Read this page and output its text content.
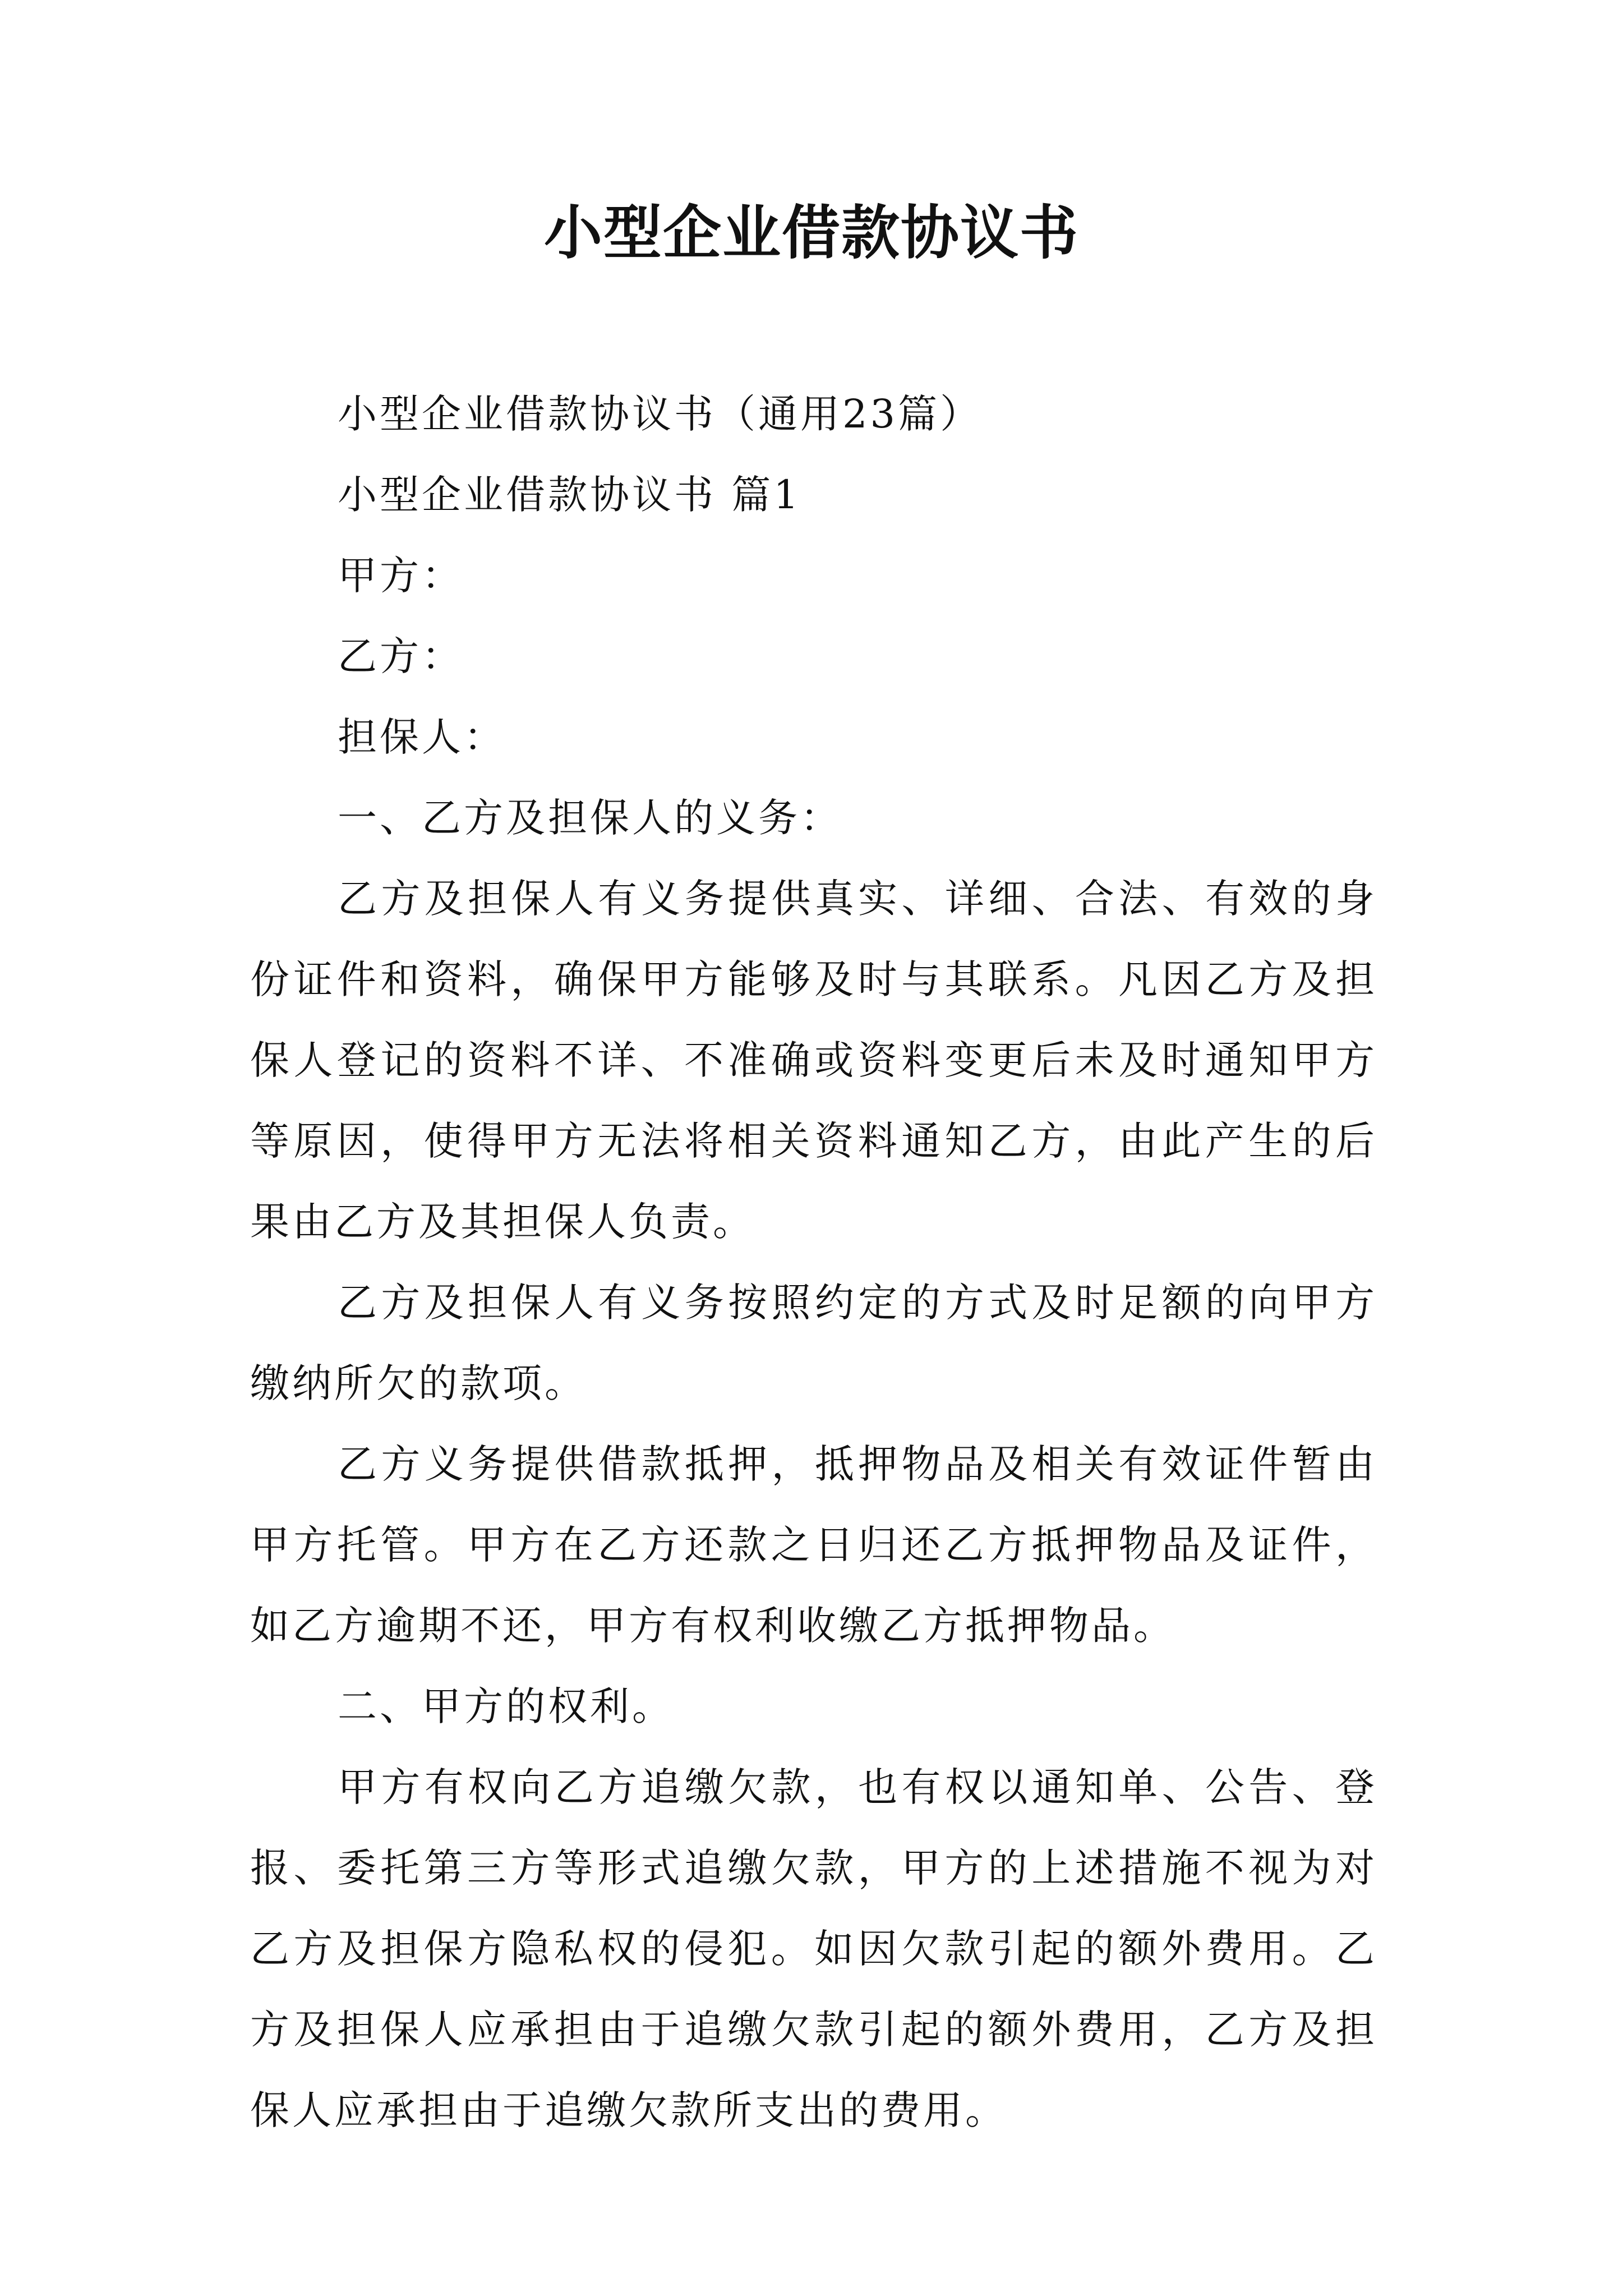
小型企业借款协议书

小型企业借款协议书（通用23篇）

小型企业借款协议书 篇1

甲方：

乙方：

担保人：

一、乙方及担保人的义务：

乙方及担保人有义务提供真实、详细、合法、有效的身份证件和资料，确保甲方能够及时与其联系。凡因乙方及担保人登记的资料不详、不准确或资料变更后未及时通知甲方等原因，使得甲方无法将相关资料通知乙方，由此产生的后果由乙方及其担保人负责。

乙方及担保人有义务按照约定的方式及时足额的向甲方缴纳所欠的款项。

乙方义务提供借款抵押，抵押物品及相关有效证件暂由甲方托管。甲方在乙方还款之日归还乙方抵押物品及证件，如乙方逾期不还，甲方有权利收缴乙方抵押物品。

二、甲方的权利。

甲方有权向乙方追缴欠款，也有权以通知单、公告、登报、委托第三方等形式追缴欠款，甲方的上述措施不视为对乙方及担保方隐私权的侵犯。如因欠款引起的额外费用。乙方及担保人应承担由于追缴欠款引起的额外费用，乙方及担保人应承担由于追缴欠款所支出的费用。
